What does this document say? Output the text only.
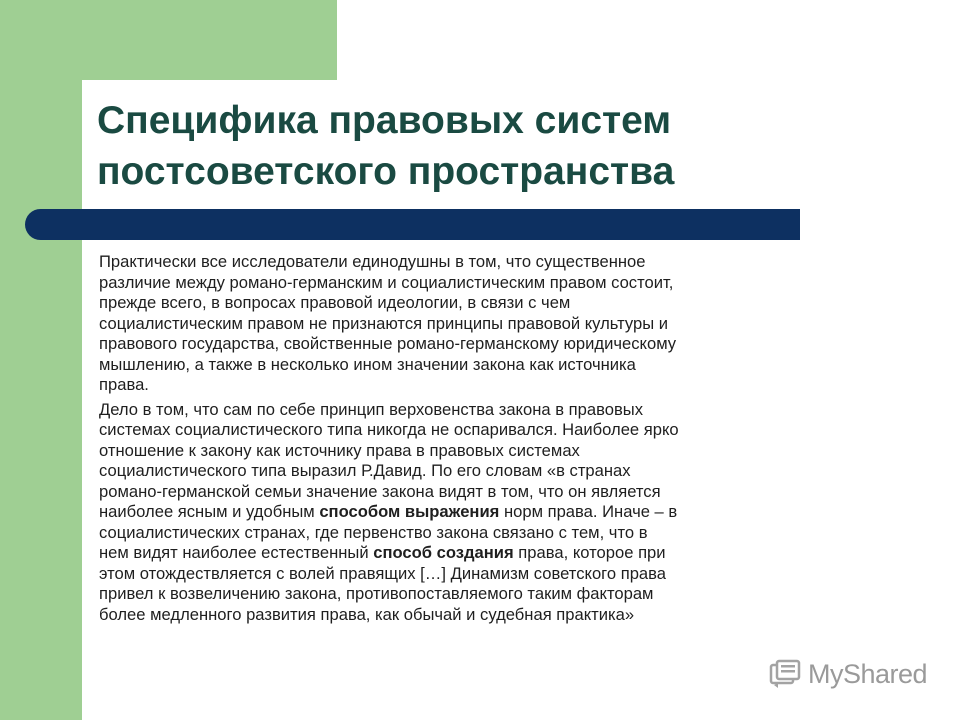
Специфика правовых систем
постсоветского пространства

Практически все исследователи единодушны в том, что существенное
различие между романо-германским и социалистическим правом состоит,
прежде всего, в вопросах правовой идеологии, в связи с чем
социалистическим правом не признаются принципы правовой культуры и
правового государства, свойственные романо-германскому юридическому
мышлению, а также в несколько ином значении закона как источника
права.

Дело в том, что сам по себе принцип верховенства закона в правовых
системах социалистического типа никогда не оспаривался. Наиболее ярко
отношение к закону как источнику права в правовых системах
социалистического типа выразил Р.Давид. По его словам «в странах
романо-германской семьи значение закона видят в том, что он является
наиболее ясным и удобным способом выражения норм права. Иначе – в
социалистических странах, где первенство закона связано с тем, что в
нем видят наиболее естественный способ создания права, которое при
этом отождествляется с волей правящих […] Динамизм советского права
привел к возвеличению закона, противопоставляемого таким факторам
более медленного развития права, как обычай и судебная практика»

MyShared
